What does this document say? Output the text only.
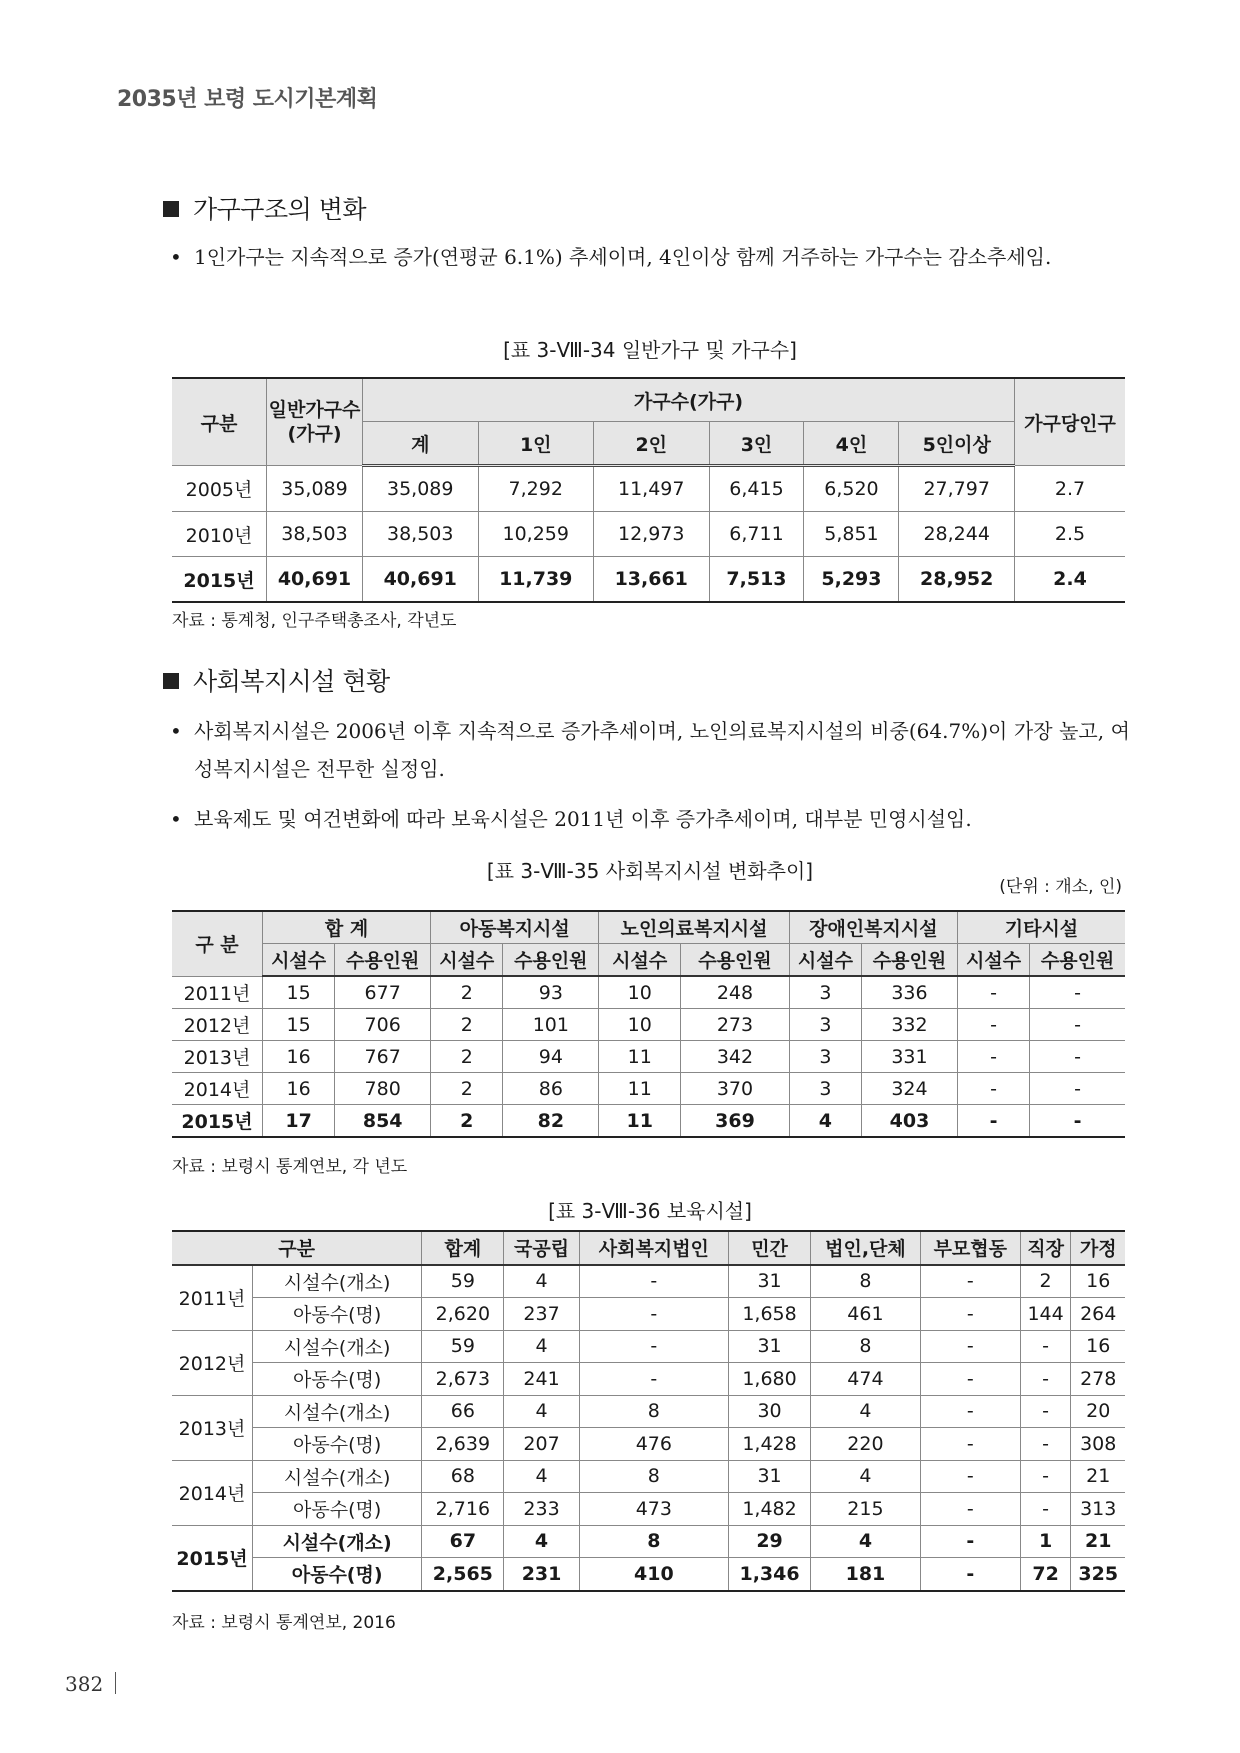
2035년 보령 도시기본계획
가구구조의 변화
• 1인가구는 지속적으로 증가(연평균 6.1%) 추세이며, 4인이상 함께 거주하는 가구수는 감소추세임.
[표 3-Ⅷ-34 일반가구 및 가구수]
구분	일반가구수(가구)	가구수(가구)						가구당인구
		계	1인	2인	3인	4인	5인이상	
2005년	35,089	35,089	7,292	11,497	6,415	6,520	27,797	2.7
2010년	38,503	38,503	10,259	12,973	6,711	5,851	28,244	2.5
2015년	40,691	40,691	11,739	13,661	7,513	5,293	28,952	2.4
자료 : 통계청, 인구주택총조사, 각년도
사회복지시설 현황
• 사회복지시설은 2006년 이후 지속적으로 증가추세이며, 노인의료복지시설의 비중(64.7%)이 가장 높고, 여성복지시설은 전무한 실정임.
• 보육제도 및 여건변화에 따라 보육시설은 2011년 이후 증가추세이며, 대부분 민영시설임.
[표 3-Ⅷ-35 사회복지시설 변화추이]
(단위 : 개소, 인)
구 분	합 계		아동복지시설		노인의료복지시설		장애인복지시설		기타시설	
	시설수	수용인원	시설수	수용인원	시설수	수용인원	시설수	수용인원	시설수	수용인원
2011년	15	677	2	93	10	248	3	336	-	-
2012년	15	706	2	101	10	273	3	332	-	-
2013년	16	767	2	94	11	342	3	331	-	-
2014년	16	780	2	86	11	370	3	324	-	-
2015년	17	854	2	82	11	369	4	403	-	-
자료 : 보령시 통계연보, 각 년도
[표 3-Ⅷ-36 보육시설]
구분		합계	국공립	사회복지법인	민간	법인,단체	부모협동	직장	가정
2011년	시설수(개소)	59	4	-	31	8	-	2	16
	아동수(명)	2,620	237	-	1,658	461	-	144	264
2012년	시설수(개소)	59	4	-	31	8	-	-	16
	아동수(명)	2,673	241	-	1,680	474	-	-	278
2013년	시설수(개소)	66	4	8	30	4	-	-	20
	아동수(명)	2,639	207	476	1,428	220	-	-	308
2014년	시설수(개소)	68	4	8	31	4	-	-	21
	아동수(명)	2,716	233	473	1,482	215	-	-	313
2015년	시설수(개소)	67	4	8	29	4	-	1	21
	아동수(명)	2,565	231	410	1,346	181	-	72	325
자료 : 보령시 통계연보, 2016
382
